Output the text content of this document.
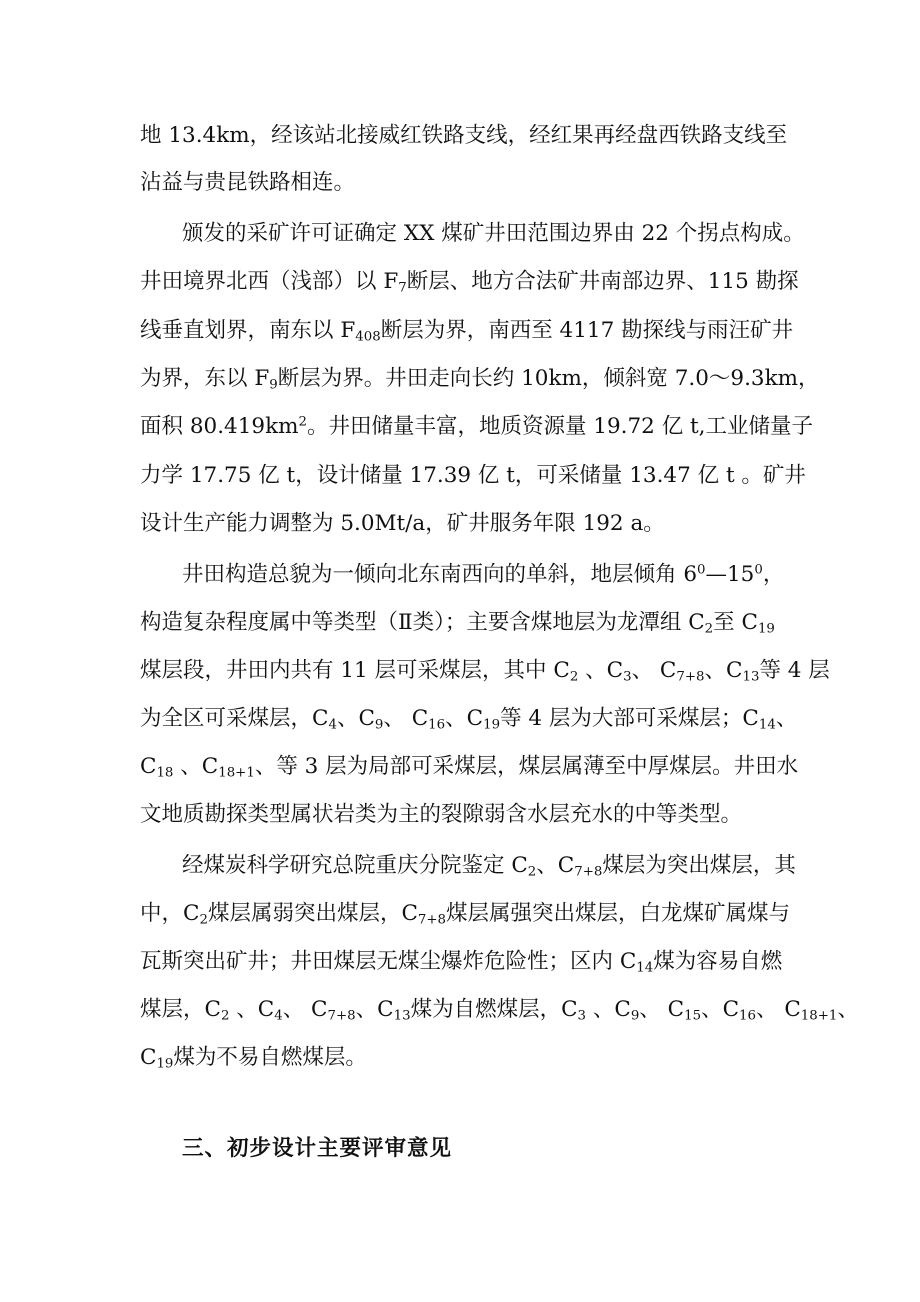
地 13.4km，经该站北接威红铁路支线，经红果再经盘西铁路支线至
沾益与贵昆铁路相连。
颁发的采矿许可证确定 XX 煤矿井田范围边界由 22 个拐点构成。
井田境界北西（浅部）以 $F_7$断层、地方合法矿井南部边界、115 勘探
线垂直划界，南东以 $F_{408}$断层为界，南西至 4117 勘探线与雨汪矿井
为界，东以 $F_9$断层为界。井田走向长约 10km，倾斜宽 7.0～9.3km，
面积 $80.419km^2$。井田储量丰富，地质资源量 19.72 亿 t,工业储量子
力学 17.75 亿 t，设计储量 17.39 亿 t，可采储量 13.47 亿 t 。矿井
设计生产能力调整为 5.0Mt/a，矿井服务年限 192 a。
井田构造总貌为一倾向北东南西向的单斜，地层倾角 $6^0—15^0$，
构造复杂程度属中等类型（Ⅱ类）；主要含煤地层为龙潭组 $C_2$至 $C_{19}$
煤层段，井田内共有 11 层可采煤层，其中 $C_2$ 、$C_3$、 $C_{7+8}$、$C_{13}$等 4 层
为全区可采煤层，$C_4$、$C_9$、 $C_{16}$、$C_{19}$等 4 层为大部可采煤层；$C_{14}$、
$C_{18}$ 、$C_{18+1}$、等 3 层为局部可采煤层，煤层属薄至中厚煤层。井田水
文地质勘探类型属状岩类为主的裂隙弱含水层充水的中等类型。
经煤炭科学研究总院重庆分院鉴定 $C_2$、$C_{7+8}$煤层为突出煤层，其
中，$C_2$煤层属弱突出煤层，$C_{7+8}$煤层属强突出煤层，白龙煤矿属煤与
瓦斯突出矿井；井田煤层无煤尘爆炸危险性；区内 $C_{14}$煤为容易自燃
煤层，$C_2$ 、$C_4$、 $C_{7+8}$、$C_{13}$煤为自燃煤层，$C_3$ 、$C_9$、 $C_{15}$、$C_{16}$、 $C_{18+1}$、
$C_{19}$煤为不易自燃煤层。
三、初步设计主要评审意见
